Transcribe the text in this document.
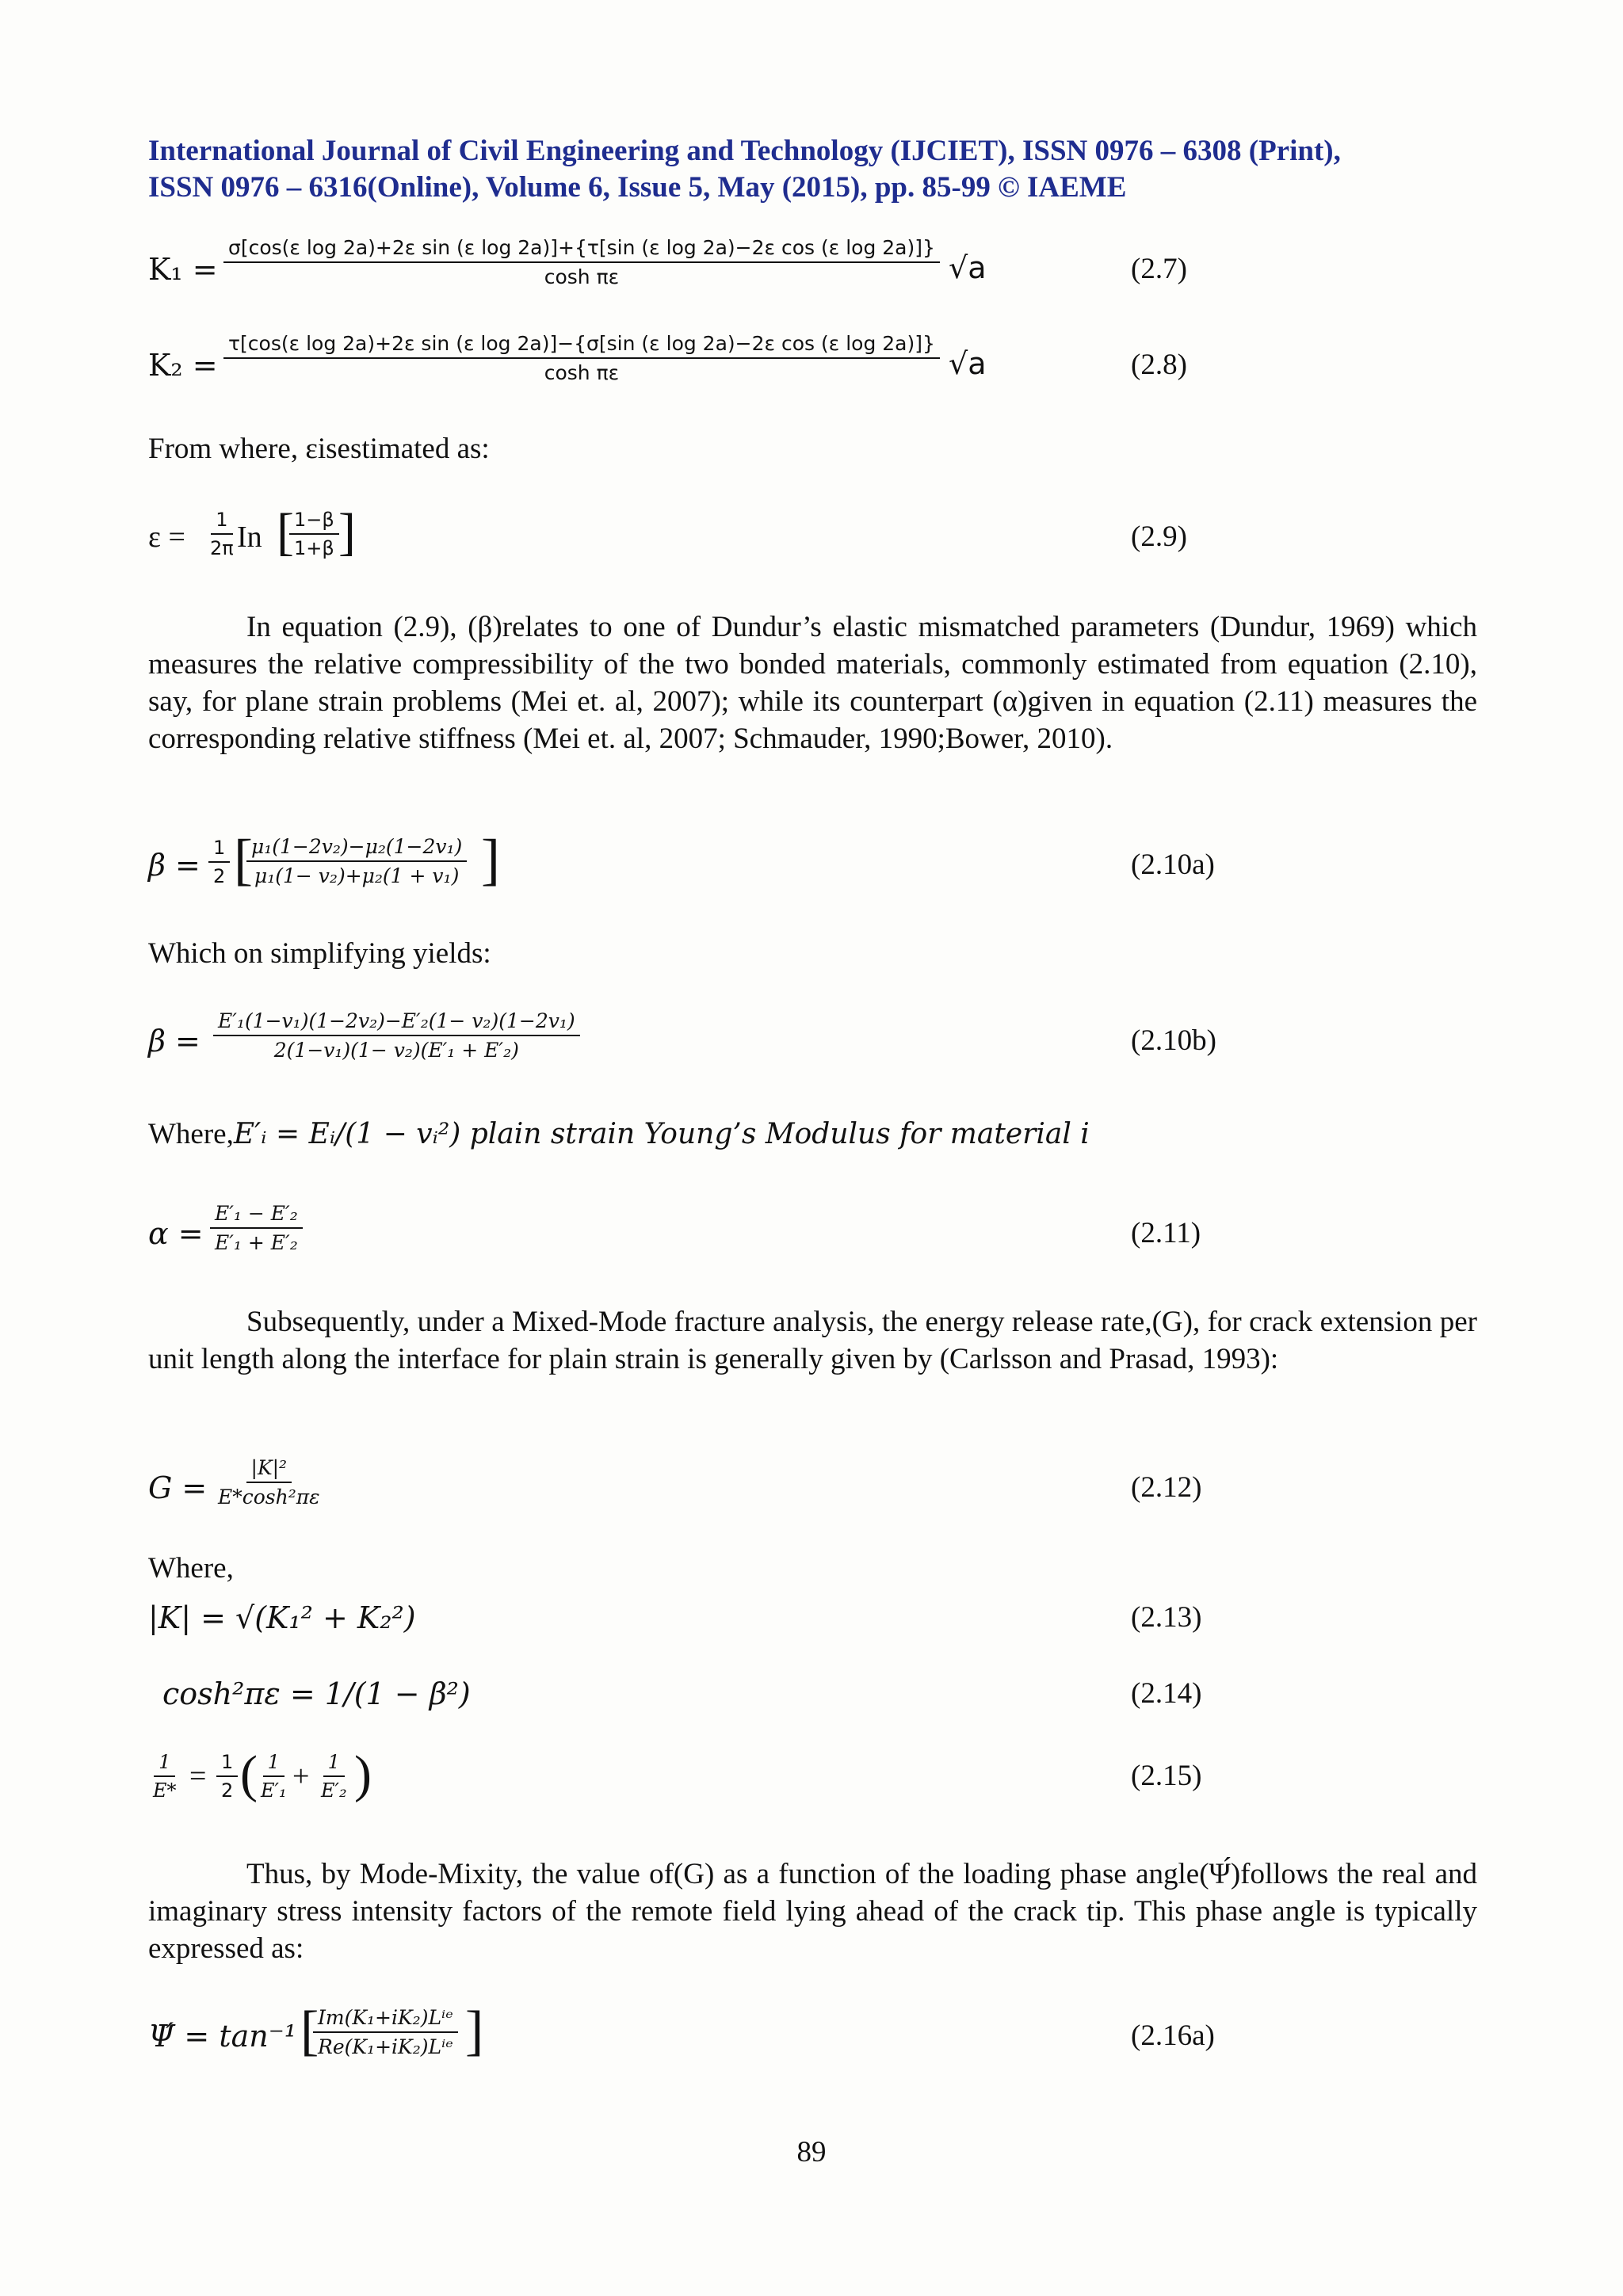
International Journal of Civil Engineering and Technology (IJCIET), ISSN 0976 – 6308 (Print),
ISSN 0976 – 6316(Online), Volume 6, Issue 5, May (2015), pp. 85-99 © IAEME
K₁ =
σ[cos(ε log 2a)+2ε sin (ε log 2a)]+{τ[sin (ε log 2a)−2ε cos (ε log 2a)]}
cosh πε	√a	(2.7)
K₂ =
τ[cos(ε log 2a)+2ε sin (ε log 2a)]−{σ[sin (ε log 2a)−2ε cos (ε log 2a)]}
cosh πε	√a	(2.8)
From where, εisestimated as:
$\varepsilon = \frac{1}{2\pi}$
In [
$\frac{1-\beta}{1+\beta}$ ]	(2.9)
In equation (2.9), (β)relates to one of Dundur’s elastic mismatched parameters (Dundur, 1969) which measures the relative compressibility of the two bonded materials, commonly estimated from equation (2.10), say, for plane strain problems (Mei et. al, 2007); while its counterpart (α)given in equation (2.11) measures the corresponding relative stiffness (Mei et. al, 2007; Schmauder, 1990;Bower, 2010).
$\beta = \frac{1}{2}$ [
$\frac{\text{μ₁(1−2v₂)−μ₂(1−2v₁)}}{\text{μ₁(1− v₂)+μ₂(1 + v₁)}}$ ]	(2.10a)
Which on simplifying yields:
$\beta = \frac{\text{E′₁(1−v₁)(1−2v₂)−E′₂(1− v₂)(1−2v₁)}}{\text{2(1−v₁)(1− v₂)(E′₁ + E′₂)}}$	(2.10b)
Where,E′ᵢ = Eᵢ/(1 − vᵢ²) plain strain Young’s Modulus for material i
$\alpha = \frac{\text{E′₁ − E′₂}}{\text{E′₁ + E′₂}}$	(2.11)
Subsequently, under a Mixed-Mode fracture analysis, the energy release rate,(G), for crack extension per unit length along the interface for plain strain is generally given by (Carlsson and Prasad, 1993):
$G = \frac{\text{|K|²}}{\text{E*cosh²πε}}$	(2.12)
Where,
|K| = √(K₁² + K₂²)	(2.13)
cosh²πε = 1/(1 − β²)	(2.14)
$\frac{1}{E*} = \frac{1}{2}$ (
$\frac{1}{\text{E′₁}} + \frac{1}{\text{E′₂}}$ )	(2.15)
Thus, by Mode-Mixity, the value of(G) as a function of the loading phase angle(Ψ́)follows the real and imaginary stress intensity factors of the remote field lying ahead of the crack tip. This phase angle is typically expressed as:
Ψ́ = tan⁻¹ [
Im(K₁+iK₂)Lⁱᵉ
Re(K₁+iK₂)Lⁱᵉ ]	(2.16a)
89
